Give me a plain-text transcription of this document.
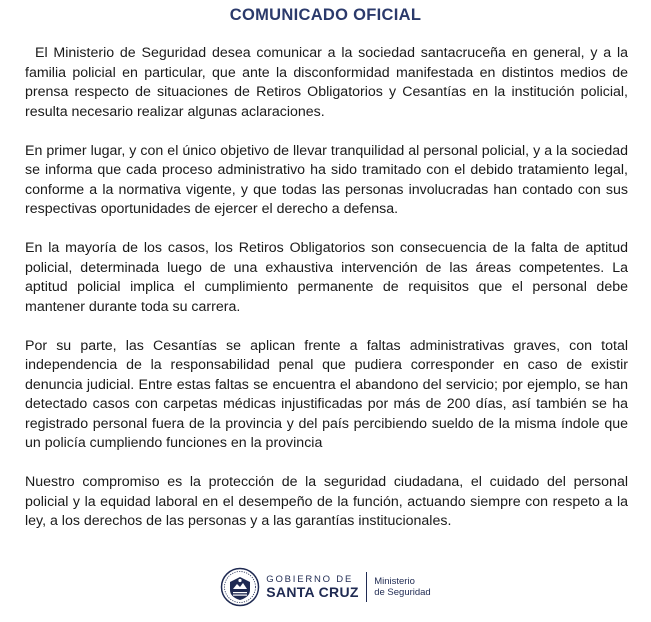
COMUNICADO OFICIAL

El Ministerio de Seguridad desea comunicar a la sociedad santacruceña en general, y a la familia policial en particular, que ante la disconformidad manifestada en distintos medios de prensa respecto de situaciones de Retiros Obligatorios y Cesantías en la institución policial, resulta necesario realizar algunas aclaraciones.

En primer lugar, y con el único objetivo de llevar tranquilidad al personal policial, y a la sociedad se informa que cada proceso administrativo ha sido tramitado con el debido tratamiento legal, conforme a la normativa vigente, y que todas las personas involucradas han contado con sus respectivas oportunidades de ejercer el derecho a defensa.

En la mayoría de los casos, los Retiros Obligatorios son consecuencia de la falta de aptitud policial, determinada luego de una exhaustiva intervención de las áreas competentes. La aptitud policial implica el cumplimiento permanente de requisitos que el personal debe mantener durante toda su carrera.

Por su parte, las Cesantías se aplican frente a faltas administrativas graves, con total independencia de la responsabilidad penal que pudiera corresponder en caso de existir denuncia judicial. Entre estas faltas se encuentra el abandono del servicio; por ejemplo, se han detectado casos con carpetas médicas injustificadas por más de 200 días, así también se ha registrado personal fuera de la provincia y del país percibiendo sueldo de la misma índole que un policía cumpliendo funciones en la provincia

Nuestro compromiso es la protección de la seguridad ciudadana, el cuidado del personal policial y la equidad laboral en el desempeño de la función, actuando siempre con respeto a la ley, a los derechos de las personas y a las garantías institucionales.

GOBIERNO DE
SANTA CRUZ
Ministerio
de Seguridad
